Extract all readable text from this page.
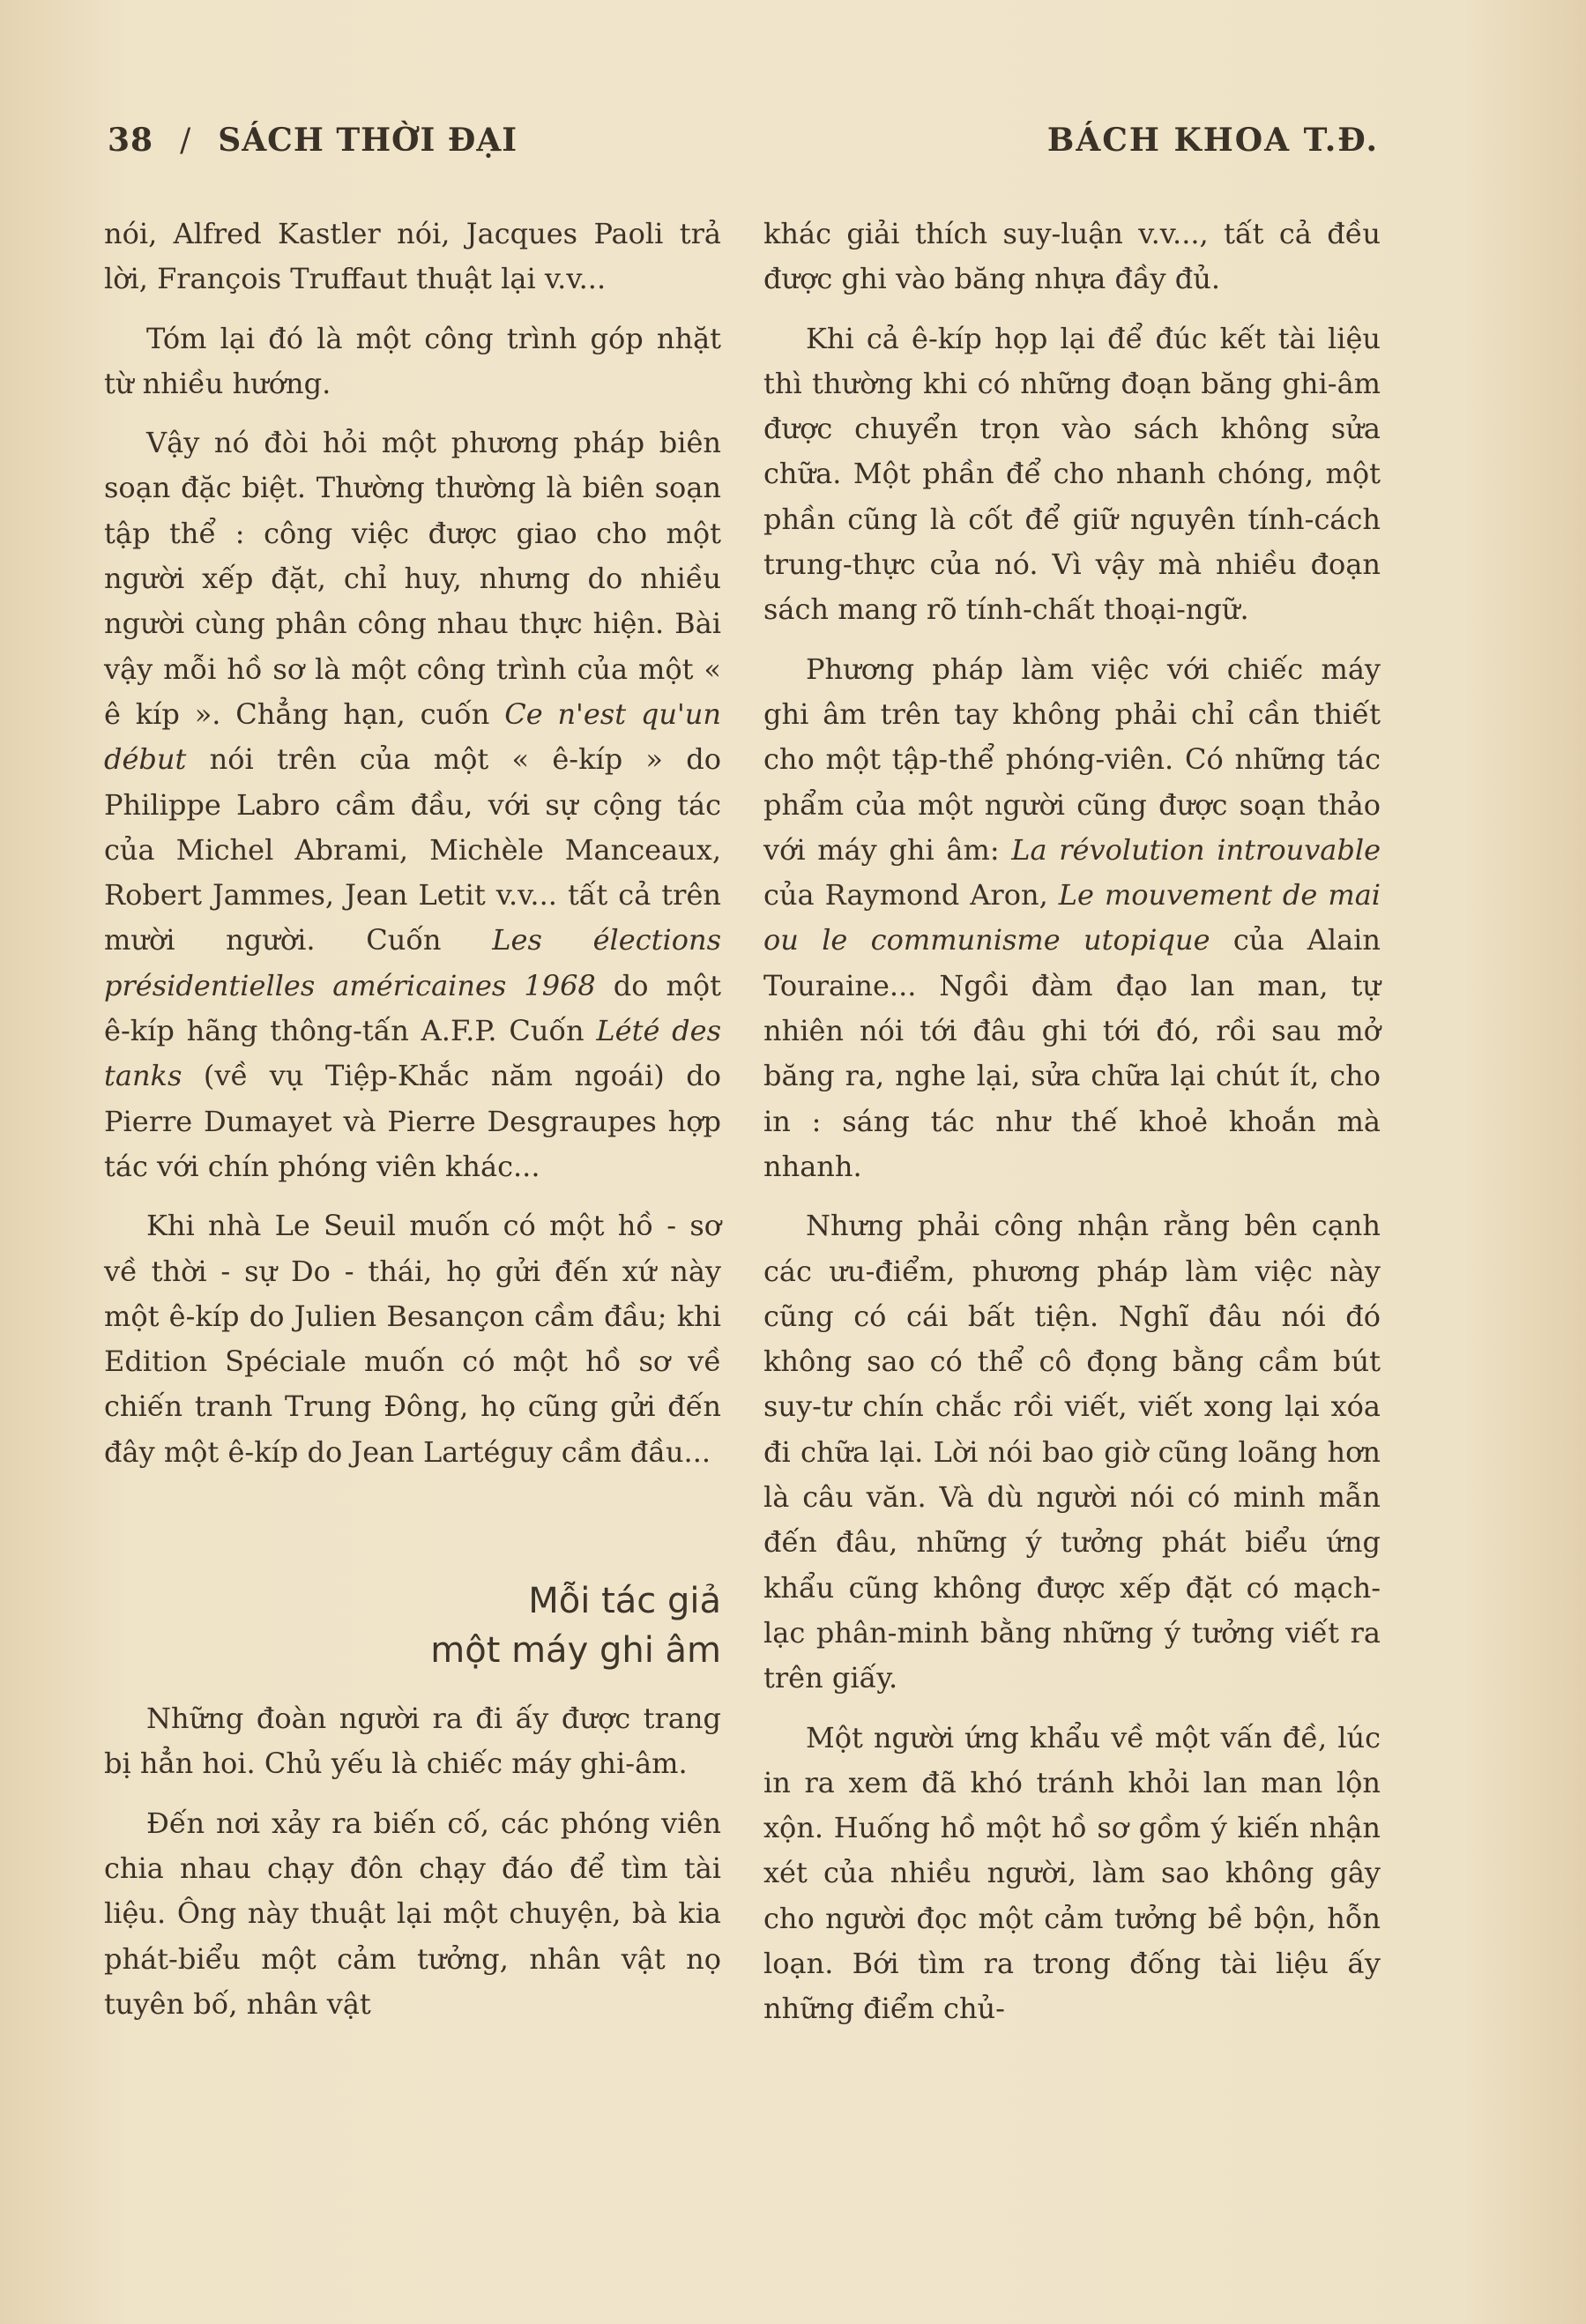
38 / SÁCH THỜI ĐẠI	BÁCH KHOA T.Đ.

nói, Alfred Kastler nói, Jacques Paoli trả lời, François Truffaut thuật lại v.v...

Tóm lại đó là một công trình góp nhặt từ nhiều hướng.

Vậy nó đòi hỏi một phương pháp biên soạn đặc biệt. Thường thường là biên soạn tập thể : công việc được giao cho một người xếp đặt, chỉ huy, nhưng do nhiều người cùng phân công nhau thực hiện. Bài vậy mỗi hồ sơ là một công trình của một « ê kíp ». Chẳng hạn, cuốn Ce n'est qu'un début nói trên của một « ê-kíp » do Philippe Labro cầm đầu, với sự cộng tác của Michel Abrami, Michèle Manceaux, Robert Jammes, Jean Letit v.v... tất cả trên mười người. Cuốn Les élections présidentielles américaines 1968 do một ê-kíp hãng thông-tấn A.F.P. Cuốn Lété des tanks (về vụ Tiệp-Khắc năm ngoái) do Pierre Dumayet và Pierre Desgraupes hợp tác với chín phóng viên khác...

Khi nhà Le Seuil muốn có một hồ - sơ về thời - sự Do - thái, họ gửi đến xứ này một ê-kíp do Julien Besançon cầm đầu; khi Edition Spéciale muốn có một hồ sơ về chiến tranh Trung Đông, họ cũng gửi đến đây một ê-kíp do Jean Lartéguy cầm đầu...

Mỗi tác giả
một máy ghi âm

Những đoàn người ra đi ấy được trang bị hẳn hoi. Chủ yếu là chiếc máy ghi-âm.

Đến nơi xảy ra biến cố, các phóng viên chia nhau chạy đôn chạy đáo để tìm tài liệu. Ông này thuật lại một chuyện, bà kia phát-biểu một cảm tưởng, nhân vật nọ tuyên bố, nhân vật

khác giải thích suy-luận v.v..., tất cả đều được ghi vào băng nhựa đầy đủ.

Khi cả ê-kíp họp lại để đúc kết tài liệu thì thường khi có những đoạn băng ghi-âm được chuyển trọn vào sách không sửa chữa. Một phần để cho nhanh chóng, một phần cũng là cốt để giữ nguyên tính-cách trung-thực của nó. Vì vậy mà nhiều đoạn sách mang rõ tính-chất thoại-ngữ.

Phương pháp làm việc với chiếc máy ghi âm trên tay không phải chỉ cần thiết cho một tập-thể phóng-viên. Có những tác phẩm của một người cũng được soạn thảo với máy ghi âm: La révolution introuvable của Raymond Aron, Le mouvement de mai ou le communisme utopique của Alain Touraine... Ngồi đàm đạo lan man, tự nhiên nói tới đâu ghi tới đó, rồi sau mở băng ra, nghe lại, sửa chữa lại chút ít, cho in : sáng tác như thế khoẻ khoắn mà nhanh.

Nhưng phải công nhận rằng bên cạnh các ưu-điểm, phương pháp làm việc này cũng có cái bất tiện. Nghĩ đâu nói đó không sao có thể cô đọng bằng cầm bút suy-tư chín chắc rồi viết, viết xong lại xóa đi chữa lại. Lời nói bao giờ cũng loãng hơn là câu văn. Và dù người nói có minh mẫn đến đâu, những ý tưởng phát biểu ứng khẩu cũng không được xếp đặt có mạch-lạc phân-minh bằng những ý tưởng viết ra trên giấy.

Một người ứng khẩu về một vấn đề, lúc in ra xem đã khó tránh khỏi lan man lộn xộn. Huống hồ một hồ sơ gồm ý kiến nhận xét của nhiều người, làm sao không gây cho người đọc một cảm tưởng bề bộn, hỗn loạn. Bới tìm ra trong đống tài liệu ấy những điểm chủ-
